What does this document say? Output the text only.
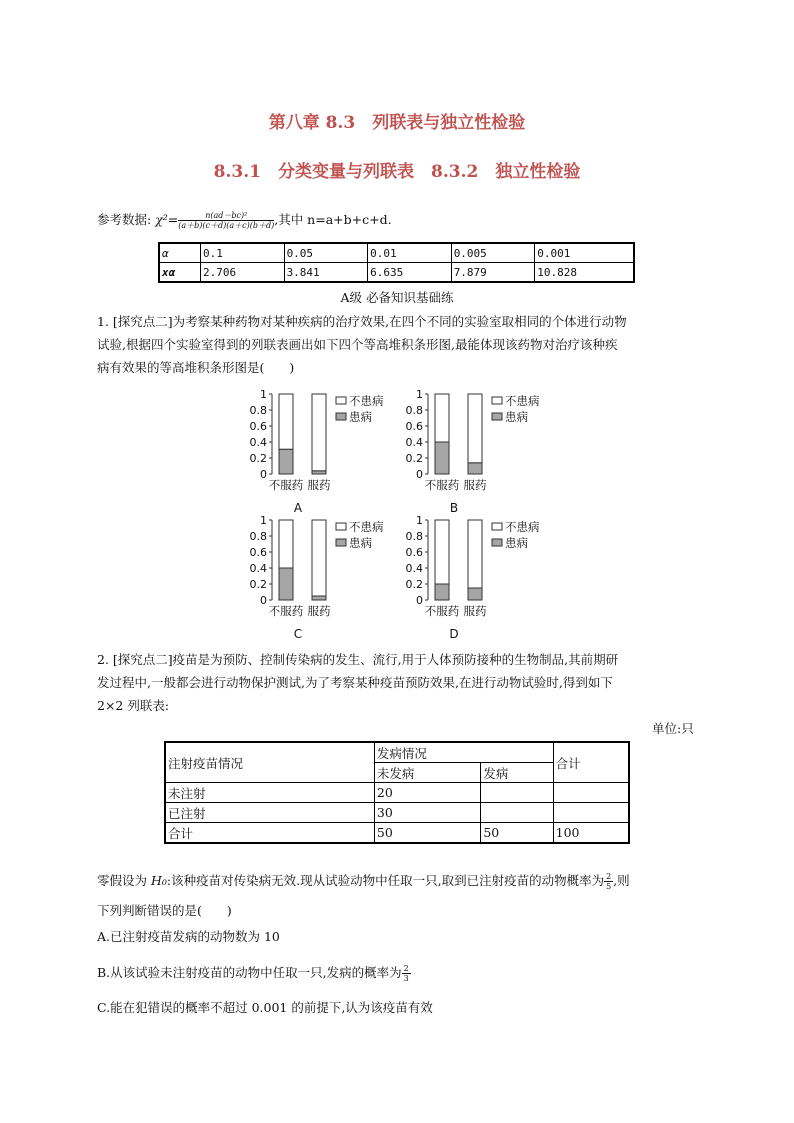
第八章 8.3　列联表与独立性检验
8.3.1　分类变量与列联表　8.3.2　独立性检验
参考数据: $\chi^2= \frac{\text{n(ad－bc)²}}{(a+b)(c+d)(a+c)(b+d)}$ ,其中 n=a+b+c+d.
α	0.1	0.05	0.01	0.005	0.001
xα	2.706	3.841	6.635	7.879	10.828
A级 必备知识基础练
1. [探究点二]为考察某种药物对某种疾病的治疗效果,在四个不同的实验室取相同的个体进行动物
试验,根据四个实验室得到的列联表画出如下四个等高堆积条形图,最能体现该药物对治疗该种疾
病有效果的等高堆积条形图是(　　)
0
0.2
0.4
0.6
0.8
1
不服药 服药
不患病
患病
A
0
0.2
0.4
0.6
0.8
1
不服药 服药
不患病
患病
B
0
0.2
0.4
0.6
0.8
1
不服药 服药
不患病
患病
C
0
0.2
0.4
0.6
0.8
1
不服药 服药
不患病
患病
D
2. [探究点二]疫苗是为预防、控制传染病的发生、流行,用于人体预防接种的生物制品,其前期研
发过程中,一般都会进行动物保护测试,为了考察某种疫苗预防效果,在进行动物试验时,得到如下
2×2 列联表:
单位:只
注射疫苗情况	发病情况		合计
	未发病	发病	
未注射	20		
已注射	30		
合计	50	50	100
零假设为 H₀:该种疫苗对传染病无效.现从试验动物中任取一只,取到已注射疫苗的动物概率为 $\frac{2}{5}$ ,则
下列判断错误的是(　　)
A.已注射疫苗发病的动物数为 10
B.从该试验未注射疫苗的动物中任取一只,发病的概率为 $\frac{2}{3}$
C.能在犯错误的概率不超过 0.001 的前提下,认为该疫苗有效
